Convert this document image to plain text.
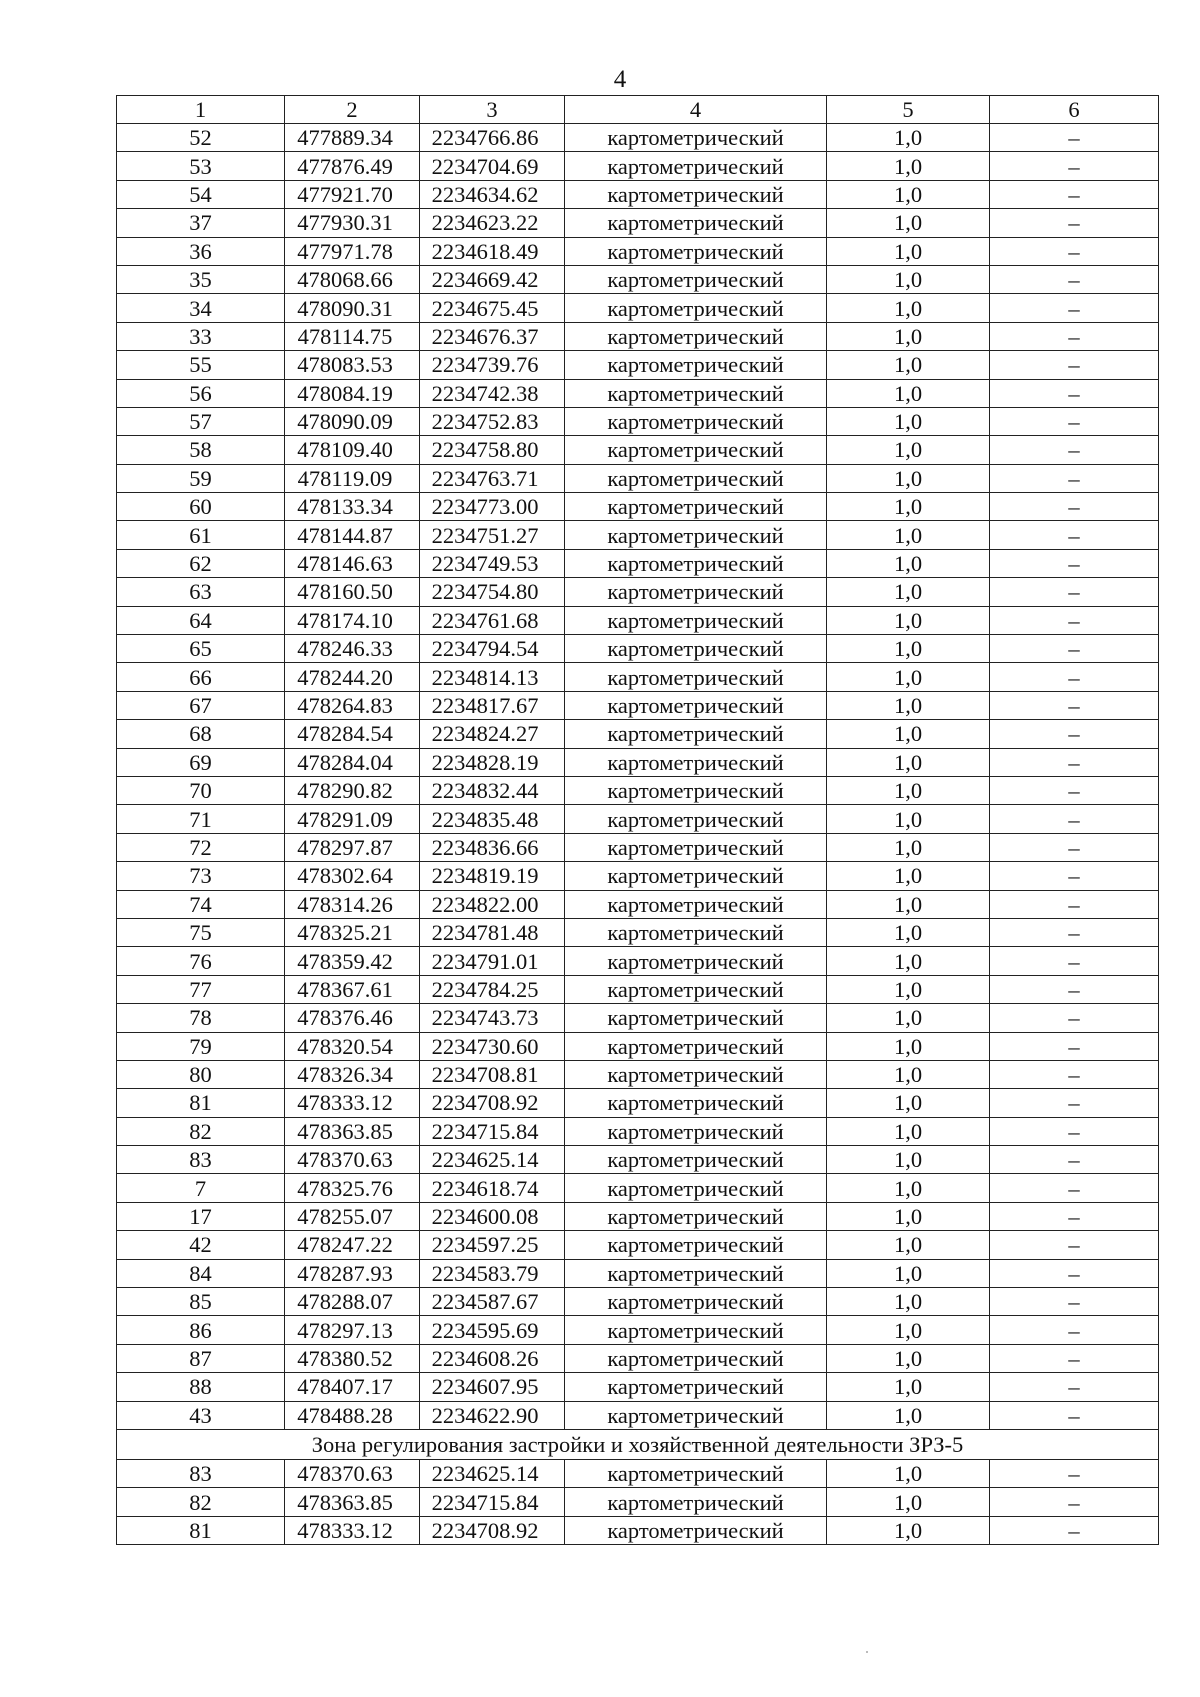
4
1	2	3	4	5	6
52	477889.34	2234766.86	картометрический	1,0	–
53	477876.49	2234704.69	картометрический	1,0	–
54	477921.70	2234634.62	картометрический	1,0	–
37	477930.31	2234623.22	картометрический	1,0	–
36	477971.78	2234618.49	картометрический	1,0	–
35	478068.66	2234669.42	картометрический	1,0	–
34	478090.31	2234675.45	картометрический	1,0	–
33	478114.75	2234676.37	картометрический	1,0	–
55	478083.53	2234739.76	картометрический	1,0	–
56	478084.19	2234742.38	картометрический	1,0	–
57	478090.09	2234752.83	картометрический	1,0	–
58	478109.40	2234758.80	картометрический	1,0	–
59	478119.09	2234763.71	картометрический	1,0	–
60	478133.34	2234773.00	картометрический	1,0	–
61	478144.87	2234751.27	картометрический	1,0	–
62	478146.63	2234749.53	картометрический	1,0	–
63	478160.50	2234754.80	картометрический	1,0	–
64	478174.10	2234761.68	картометрический	1,0	–
65	478246.33	2234794.54	картометрический	1,0	–
66	478244.20	2234814.13	картометрический	1,0	–
67	478264.83	2234817.67	картометрический	1,0	–
68	478284.54	2234824.27	картометрический	1,0	–
69	478284.04	2234828.19	картометрический	1,0	–
70	478290.82	2234832.44	картометрический	1,0	–
71	478291.09	2234835.48	картометрический	1,0	–
72	478297.87	2234836.66	картометрический	1,0	–
73	478302.64	2234819.19	картометрический	1,0	–
74	478314.26	2234822.00	картометрический	1,0	–
75	478325.21	2234781.48	картометрический	1,0	–
76	478359.42	2234791.01	картометрический	1,0	–
77	478367.61	2234784.25	картометрический	1,0	–
78	478376.46	2234743.73	картометрический	1,0	–
79	478320.54	2234730.60	картометрический	1,0	–
80	478326.34	2234708.81	картометрический	1,0	–
81	478333.12	2234708.92	картометрический	1,0	–
82	478363.85	2234715.84	картометрический	1,0	–
83	478370.63	2234625.14	картометрический	1,0	–
7	478325.76	2234618.74	картометрический	1,0	–
17	478255.07	2234600.08	картометрический	1,0	–
42	478247.22	2234597.25	картометрический	1,0	–
84	478287.93	2234583.79	картометрический	1,0	–
85	478288.07	2234587.67	картометрический	1,0	–
86	478297.13	2234595.69	картометрический	1,0	–
87	478380.52	2234608.26	картометрический	1,0	–
88	478407.17	2234607.95	картометрический	1,0	–
43	478488.28	2234622.90	картометрический	1,0	–
Зона регулирования застройки и хозяйственной деятельности ЗРЗ-5					
83	478370.63	2234625.14	картометрический	1,0	–
82	478363.85	2234715.84	картометрический	1,0	–
81	478333.12	2234708.92	картометрический	1,0	–
